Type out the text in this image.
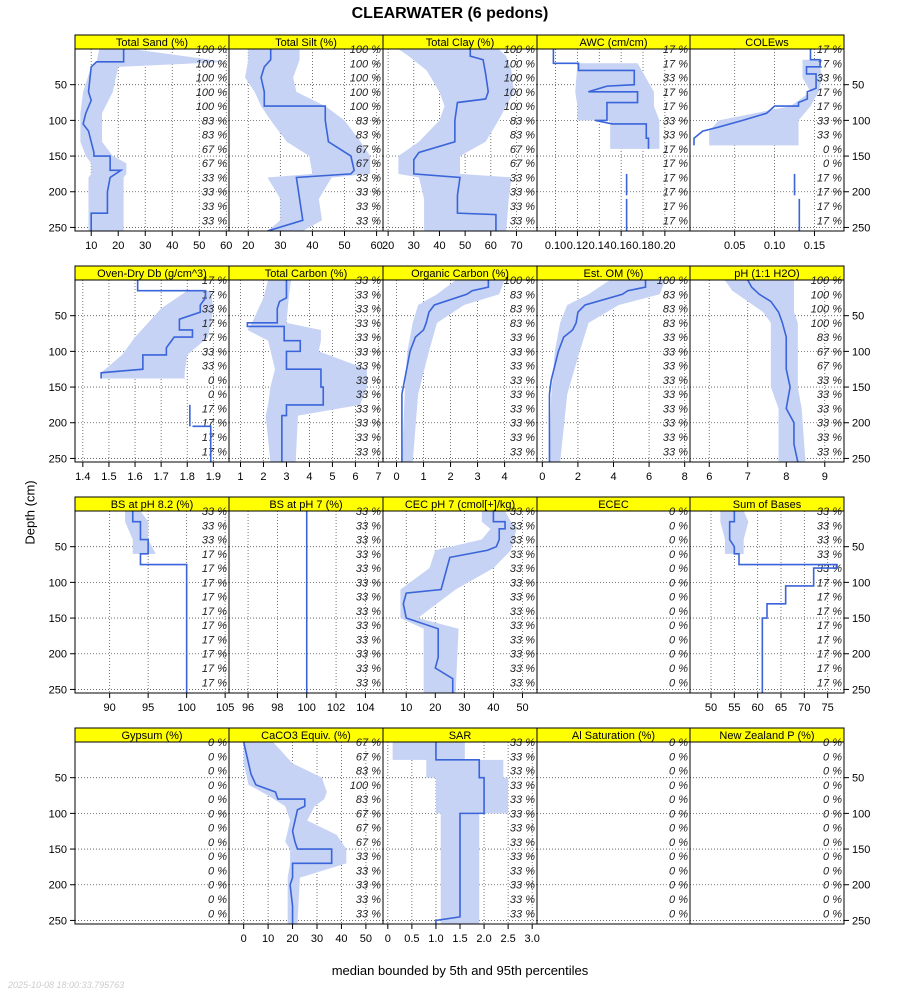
CLEARWATER (6 pedons)
Depth (cm)
median bounded by 5th and 95th percentiles
2025-10-08 18:00:33.795763
Total Sand (%)
100 %
100 %
100 %
100 %
100 %
83 %
83 %
67 %
67 %
33 %
33 %
33 %
33 %
10 20 30 40 50 60
50
100
150
200
250
Total Silt (%)
100 %
100 %
100 %
100 %
100 %
83 %
83 %
67 %
67 %
33 %
33 %
33 %
33 %
20 30 40 50 60
Total Clay (%)
100 %
100 %
100 %
100 %
100 %
83 %
83 %
67 %
67 %
33 %
33 %
33 %
33 %
20 30 40 50 60 70
AWC (cm/cm)
17 %
17 %
33 %
17 %
17 %
33 %
33 %
17 %
17 %
17 %
17 %
17 %
17 %
0.10 0.12 0.14 0.16 0.18 0.20
COLEws
17 %
17 %
33 %
17 %
17 %
33 %
33 %
0 %
0 %
17 %
17 %
17 %
17 %
0.05 0.10 0.15
50
100
150
200
250
Oven-Dry Db (g/cm^3)
17 %
17 %
33 %
17 %
17 %
33 %
33 %
0 %
0 %
17 %
17 %
17 %
17 %
1.4 1.5 1.6 1.7 1.8 1.9
50
100
150
200
250
Total Carbon (%)
33 %
33 %
33 %
33 %
33 %
33 %
33 %
33 %
33 %
33 %
33 %
33 %
33 %
1 2 3 4 5 6 7
Organic Carbon (%)
100 %
83 %
83 %
83 %
33 %
33 %
33 %
33 %
33 %
33 %
33 %
33 %
33 %
0 1 2 3 4
Est. OM (%)
100 %
83 %
83 %
83 %
33 %
33 %
33 %
33 %
33 %
33 %
33 %
33 %
33 %
0	2	4	6	8
pH (1:1 H2O)
100 %
100 %
100 %
100 %
83 %
67 %
67 %
33 %
33 %
33 %
33 %
33 %
33 %
6	7	8	9
50
100
150
200
250
BS at pH 8.2 (%)
33 %
33 %
33 %
17 %
17 %
17 %
17 %
17 %
17 %
17 %
17 %
17 %
17 %
90 95 100 105
50
100
150
200
250
BS at pH 7 (%)
33 %
33 %
33 %
33 %
33 %
33 %
33 %
33 %
33 %
33 %
33 %
33 %
33 %
96 98 100 102 104
CEC pH 7 (cmol[+]/kg)
33 %
33 %
33 %
33 %
33 %
33 %
33 %
33 %
33 %
33 %
33 %
33 %
33 %
10 20 30 40 50
ECEC
0 %
0 %
0 %
0 %
0 %
0 %
0 %
0 %
0 %
0 %
0 %
0 %
0 %
Sum of Bases
33 %
33 %
33 %
33 %
33 %
17 %
17 %
17 %
17 %
17 %
17 %
17 %
17 %
50 55 60 65 70 75
50
100
150
200
250
Gypsum (%)
0 %
0 %
0 %
0 %
0 %
0 %
0 %
0 %
0 %
0 %
0 %
0 %
0 %
50
100
150
200
250
CaCO3 Equiv. (%)
67 %
67 %
83 %
100 %
83 %
67 %
67 %
67 %
33 %
33 %
33 %
33 %
33 %
0 10 20 30 40 50
SAR
33 %
33 %
33 %
33 %
33 %
33 %
33 %
33 %
33 %
33 %
33 %
33 %
33 %
0 0.5 1.0 1.5 2.0 2.5 3.0
Al Saturation (%)
0 %
0 %
0 %
0 %
0 %
0 %
0 %
0 %
0 %
0 %
0 %
0 %
0 %
New Zealand P (%)
0 %
0 %
0 %
0 %
0 %
0 %
0 %
0 %
0 %
0 %
0 %
0 %
0 %
50
100
150
200
250
